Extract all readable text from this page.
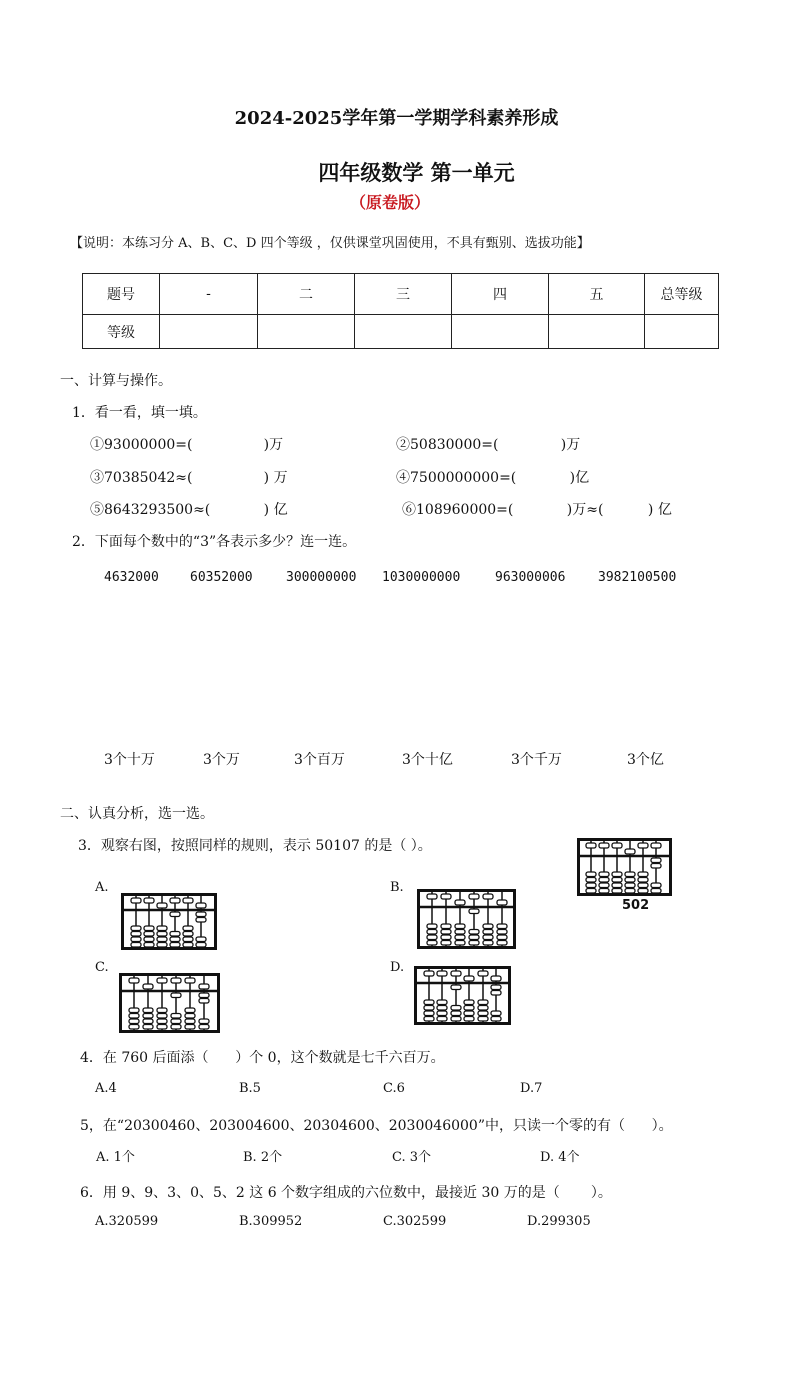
2024-2025学年第一学期学科素养形成
四年级数学 第一单元
（原卷版）
【说明：本练习分 A、B、C、D 四个等级 ，仅供课堂巩固使用，不具有甄别、选拔功能】
题号	-	二	三	四	五	总等级
等级						
一、计算与操作。
1．看一看，填一填。
①93000000=(                )万	②50830000=(              )万
③70385042≈(                ) 万	④7500000000=(            )亿
⑤8643293500≈(            ) 亿	⑥108960000=(            )万≈(          ) 亿
2．下面每个数中的“3”各表示多少？连一连。
4632000 60352000	300000000 1030000000	963000006	3982100500
3个十万	3个万	3个百万	3个十亿	3个千万	3个亿
二、认真分析，选一选。
3．观察右图，按照同样的规则，表示 50107 的是（ ）。
A.	B.
C.	D.
502
4．在 760 后面添（      ）个 0，这个数就是七千六百万。
A.4	B.5	C.6	D.7
5，在“20300460、203004600、20304600、2030046000”中，只读一个零的有（      ）。
A. 1个	B. 2个	C. 3个	D. 4个
6．用 9、9、3、0、5、2 这 6 个数字组成的六位数中，最接近 30 万的是（       ）。
A.320599	B.309952	C.302599	D.299305
